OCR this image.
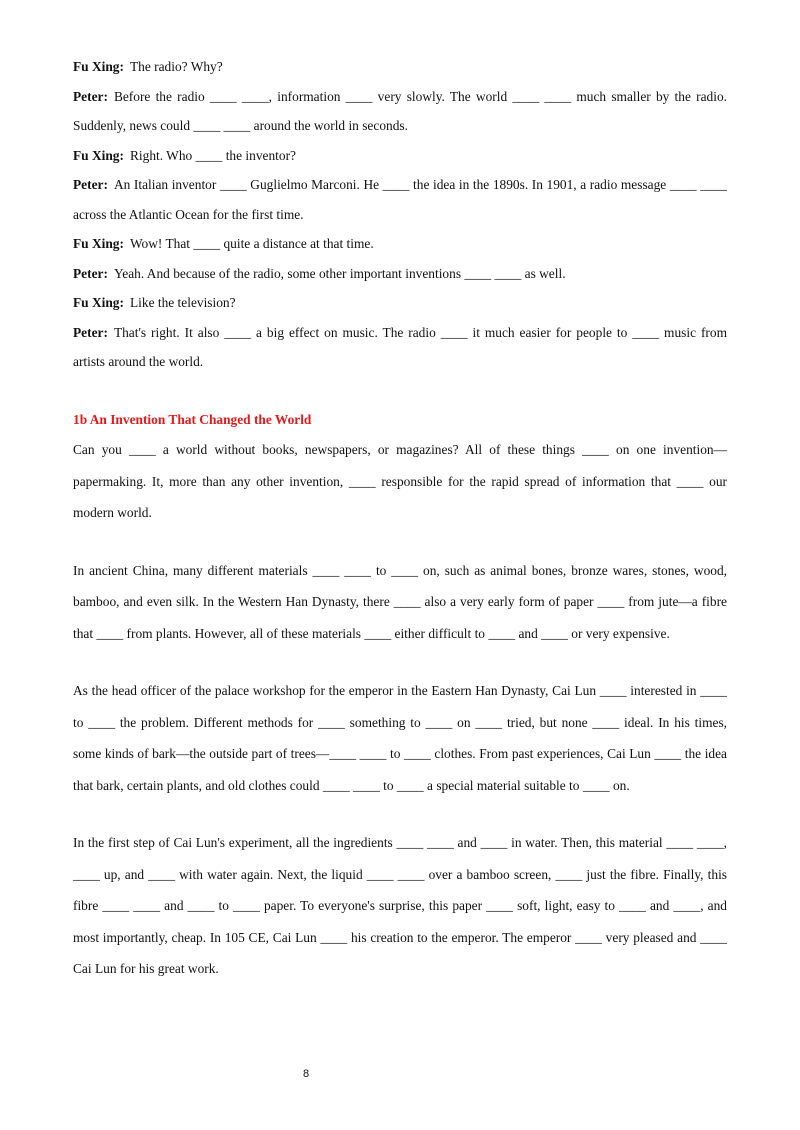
Fu Xing: The radio? Why?

Peter: Before the radio ____ ____, information ____ very slowly. The world ____ ____ much smaller by the radio. Suddenly, news could ____ ____ around the world in seconds.

Fu Xing: Right. Who ____ the inventor?

Peter: An Italian inventor ____ Guglielmo Marconi. He ____ the idea in the 1890s. In 1901, a radio message ____ ____ across the Atlantic Ocean for the first time.

Fu Xing: Wow! That ____ quite a distance at that time.

Peter: Yeah. And because of the radio, some other important inventions ____ ____ as well.

Fu Xing: Like the television?

Peter: That's right. It also ____ a big effect on music. The radio ____ it much easier for people to ____ music from artists around the world.

1b An Invention That Changed the World

Can you ____ a world without books, newspapers, or magazines? All of these things ____ on one invention—papermaking. It, more than any other invention, ____ responsible for the rapid spread of information that ____ our modern world.

In ancient China, many different materials ____ ____ to ____ on, such as animal bones, bronze wares, stones, wood, bamboo, and even silk. In the Western Han Dynasty, there ____ also a very early form of paper ____ from jute—a fibre that ____ from plants. However, all of these materials ____ either difficult to ____ and ____ or very expensive.

As the head officer of the palace workshop for the emperor in the Eastern Han Dynasty, Cai Lun ____ interested in ____ to ____ the problem. Different methods for ____ something to ____ on ____ tried, but none ____ ideal. In his times, some kinds of bark—the outside part of trees—____ ____ to ____ clothes. From past experiences, Cai Lun ____ the idea that bark, certain plants, and old clothes could ____ ____ to ____ a special material suitable to ____ on.

In the first step of Cai Lun's experiment, all the ingredients ____ ____ and ____ in water. Then, this material ____ ____, ____ up, and ____ with water again. Next, the liquid ____ ____ over a bamboo screen, ____ just the fibre. Finally, this fibre ____ ____ and ____ to ____ paper. To everyone's surprise, this paper ____ soft, light, easy to ____ and ____, and most importantly, cheap. In 105 CE, Cai Lun ____ his creation to the emperor. The emperor ____ very pleased and ____ Cai Lun for his great work.

8
